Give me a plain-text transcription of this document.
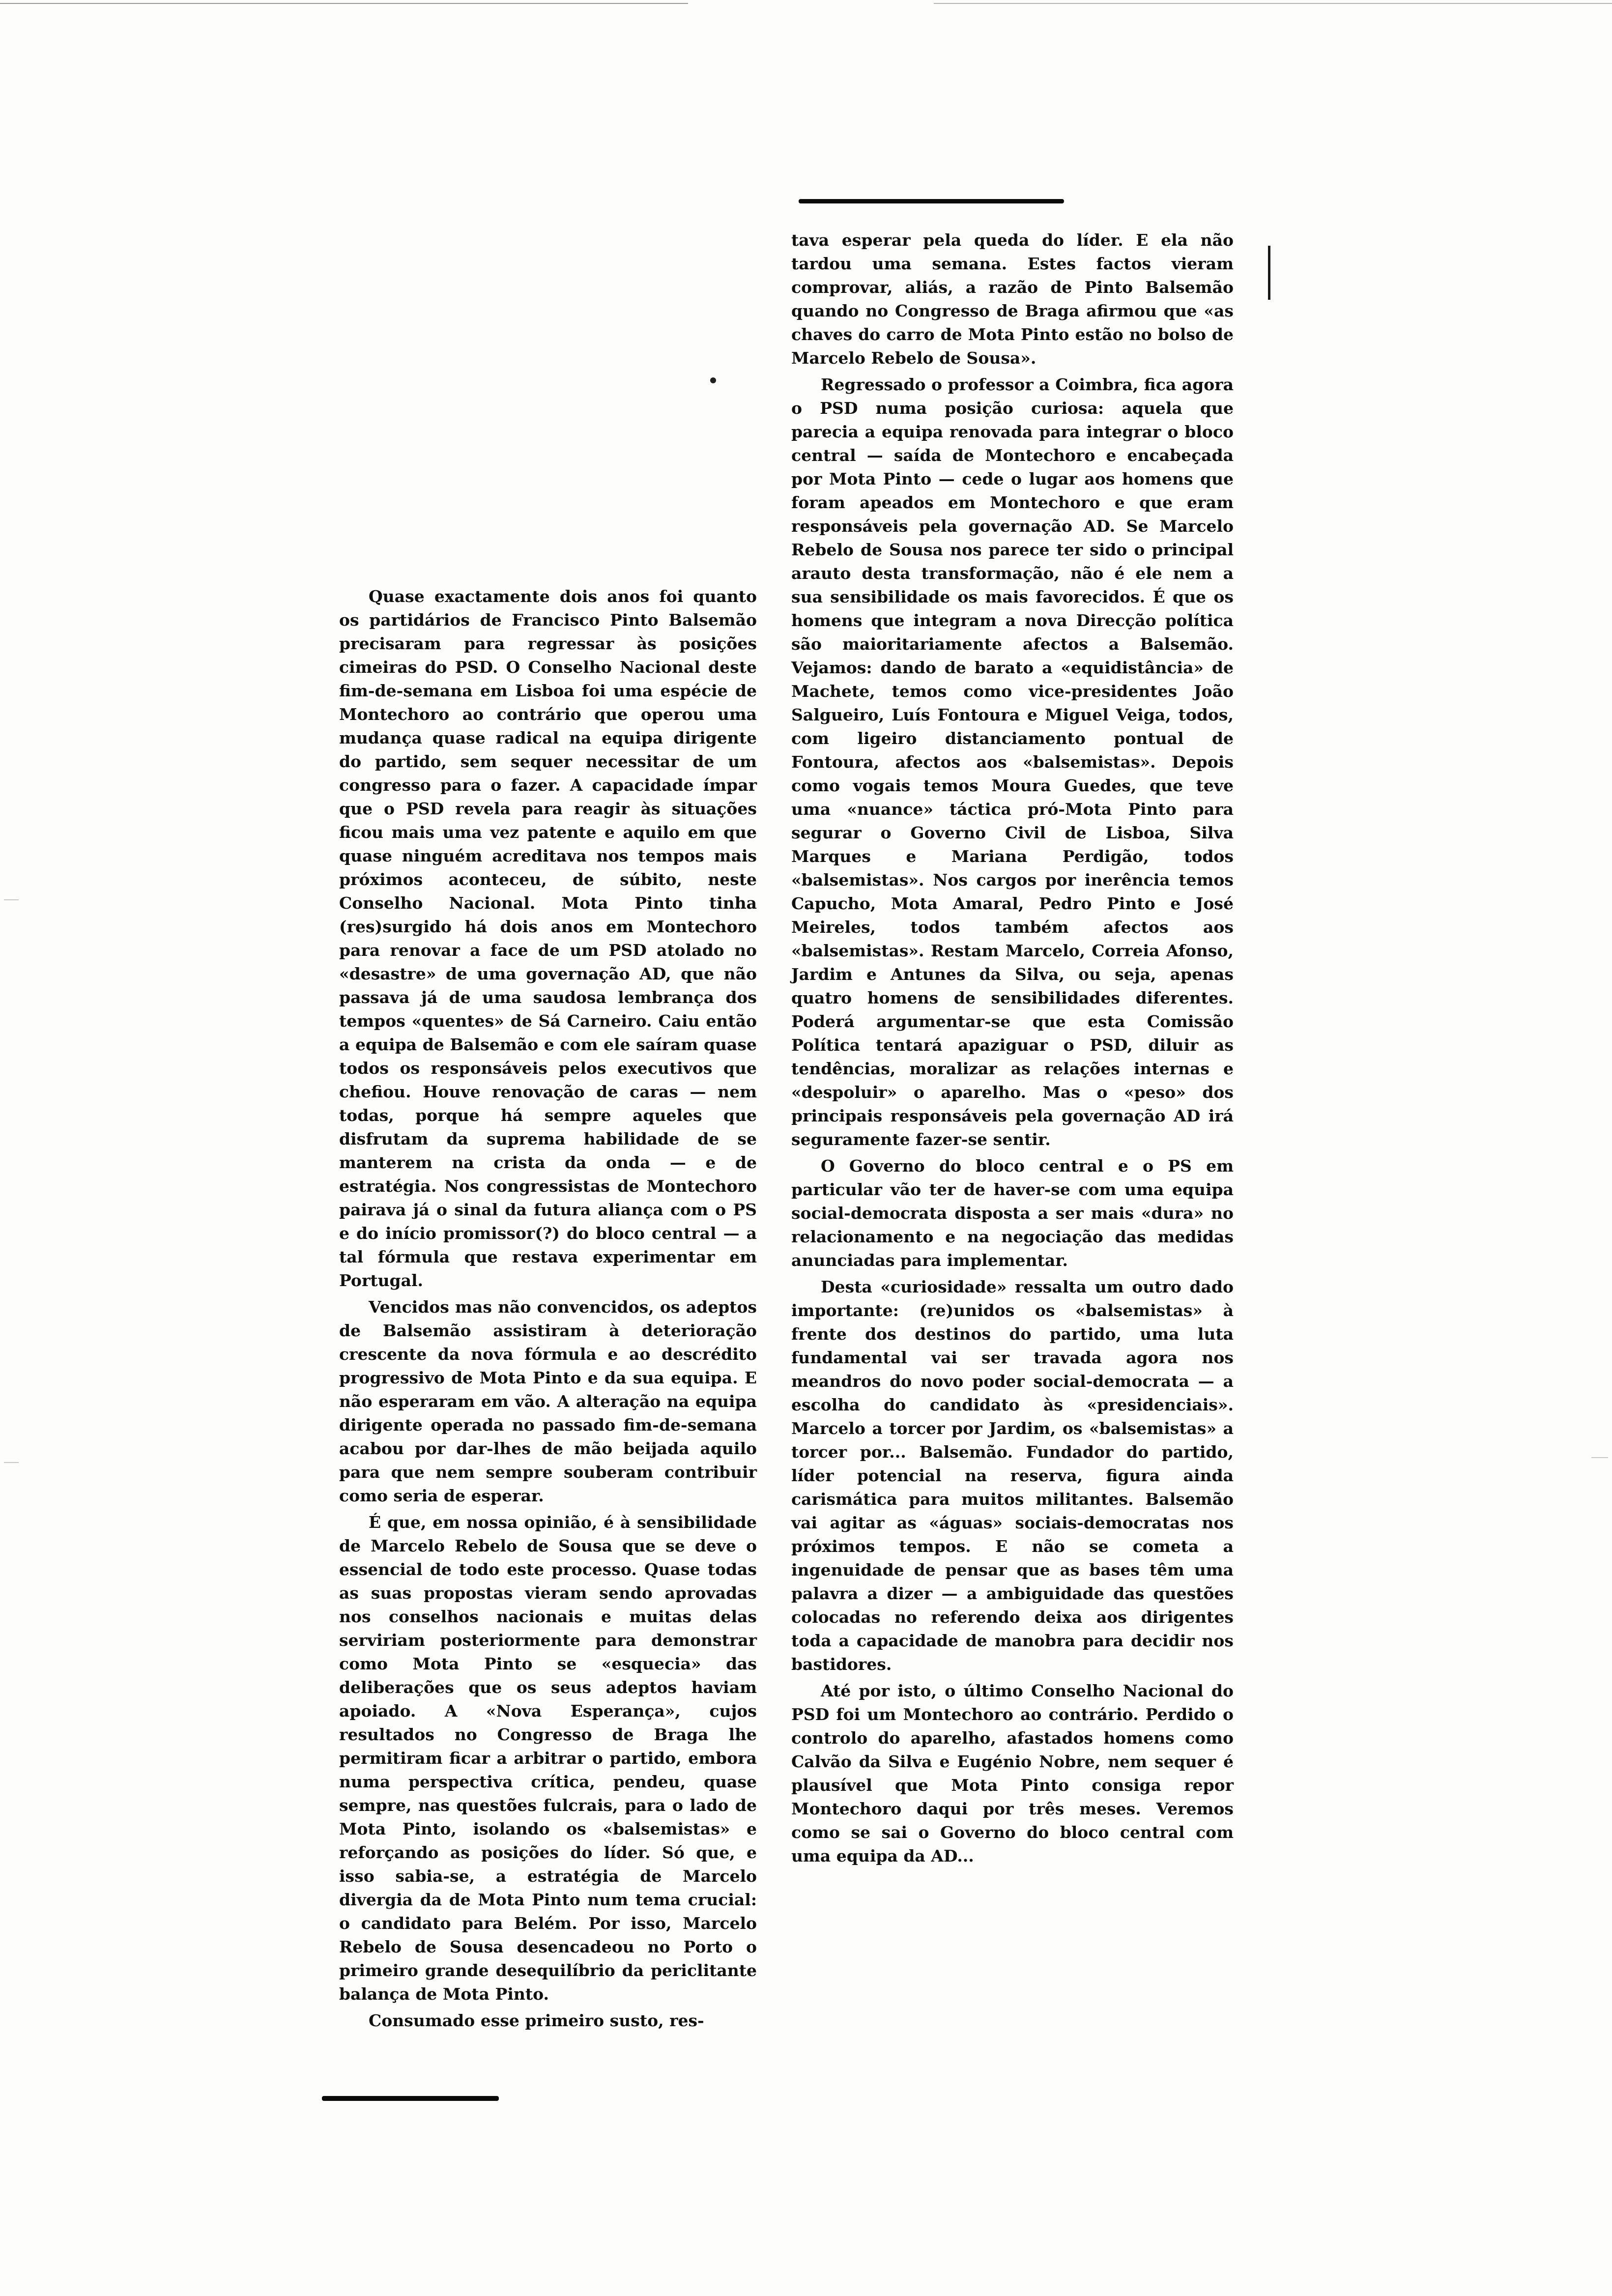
Quase exactamente dois anos foi quanto os partidários de Francisco Pinto Balsemão precisaram para regressar às posições cimeiras do PSD. O Conselho Nacional deste fim-de-semana em Lisboa foi uma espécie de Montechoro ao contrário que operou uma mudança quase radical na equipa dirigente do partido, sem sequer necessitar de um congresso para o fazer. A capacidade ímpar que o PSD revela para reagir às situações ficou mais uma vez patente e aquilo em que quase ninguém acreditava nos tempos mais próximos aconteceu, de súbito, neste Conselho Nacional. Mota Pinto tinha (res)surgido há dois anos em Montechoro para renovar a face de um PSD atolado no «desastre» de uma governação AD, que não passava já de uma saudosa lembrança dos tempos «quentes» de Sá Carneiro. Caiu então a equipa de Balsemão e com ele saíram quase todos os responsáveis pelos executivos que chefiou. Houve renovação de caras — nem todas, porque há sempre aqueles que disfrutam da suprema habilidade de se manterem na crista da onda — e de estratégia. Nos congressistas de Montechoro pairava já o sinal da futura aliança com o PS e do início promissor(?) do bloco central — a tal fórmula que restava experimentar em Portugal.

Vencidos mas não convencidos, os adeptos de Balsemão assistiram à deterioração crescente da nova fórmula e ao descrédito progressivo de Mota Pinto e da sua equipa. E não esperaram em vão. A alteração na equipa dirigente operada no passado fim-de-semana acabou por dar-lhes de mão beijada aquilo para que nem sempre souberam contribuir como seria de esperar.

É que, em nossa opinião, é à sensibilidade de Marcelo Rebelo de Sousa que se deve o essencial de todo este processo. Quase todas as suas propostas vieram sendo aprovadas nos conselhos nacionais e muitas delas serviriam posteriormente para demonstrar como Mota Pinto se «esquecia» das deliberações que os seus adeptos haviam apoiado. A «Nova Esperança», cujos resultados no Congresso de Braga lhe permitiram ficar a arbitrar o partido, embora numa perspectiva crítica, pendeu, quase sempre, nas questões fulcrais, para o lado de Mota Pinto, isolando os «balsemistas» e reforçando as posições do líder. Só que, e isso sabia-se, a estratégia de Marcelo divergia da de Mota Pinto num tema crucial: o candidato para Belém. Por isso, Marcelo Rebelo de Sousa desencadeou no Porto o primeiro grande desequilíbrio da periclitante balança de Mota Pinto.

Consumado esse primeiro susto, res-

tava esperar pela queda do líder. E ela não tardou uma semana. Estes factos vieram comprovar, aliás, a razão de Pinto Balsemão quando no Congresso de Braga afirmou que «as chaves do carro de Mota Pinto estão no bolso de Marcelo Rebelo de Sousa».

Regressado o professor a Coimbra, fica agora o PSD numa posição curiosa: aquela que parecia a equipa renovada para integrar o bloco central — saída de Montechoro e encabeçada por Mota Pinto — cede o lugar aos homens que foram apeados em Montechoro e que eram responsáveis pela governação AD. Se Marcelo Rebelo de Sousa nos parece ter sido o principal arauto desta transformação, não é ele nem a sua sensibilidade os mais favorecidos. É que os homens que integram a nova Direcção política são maioritariamente afectos a Balsemão. Vejamos: dando de barato a «equidistância» de Machete, temos como vice-presidentes João Salgueiro, Luís Fontoura e Miguel Veiga, todos, com ligeiro distanciamento pontual de Fontoura, afectos aos «balsemistas». Depois como vogais temos Moura Guedes, que teve uma «nuance» táctica pró-Mota Pinto para segurar o Governo Civil de Lisboa, Silva Marques e Mariana Perdigão, todos «balsemistas». Nos cargos por inerência temos Capucho, Mota Amaral, Pedro Pinto e José Meireles, todos também afectos aos «balsemistas». Restam Marcelo, Correia Afonso, Jardim e Antunes da Silva, ou seja, apenas quatro homens de sensibilidades diferentes. Poderá argumentar-se que esta Comissão Política tentará apaziguar o PSD, diluir as tendências, moralizar as relações internas e «despoluir» o aparelho. Mas o «peso» dos principais responsáveis pela governação AD irá seguramente fazer-se sentir.

O Governo do bloco central e o PS em particular vão ter de haver-se com uma equipa social-democrata disposta a ser mais «dura» no relacionamento e na negociação das medidas anunciadas para implementar.

Desta «curiosidade» ressalta um outro dado importante: (re)unidos os «balsemistas» à frente dos destinos do partido, uma luta fundamental vai ser travada agora nos meandros do novo poder social-democrata — a escolha do candidato às «presidenciais». Marcelo a torcer por Jardim, os «balsemistas» a torcer por... Balsemão. Fundador do partido, líder potencial na reserva, figura ainda carismática para muitos militantes. Balsemão vai agitar as «águas» sociais-democratas nos próximos tempos. E não se cometa a ingenuidade de pensar que as bases têm uma palavra a dizer — a ambiguidade das questões colocadas no referendo deixa aos dirigentes toda a capacidade de manobra para decidir nos bastidores.

Até por isto, o último Conselho Nacional do PSD foi um Montechoro ao contrário. Perdido o controlo do aparelho, afastados homens como Calvão da Silva e Eugénio Nobre, nem sequer é plausível que Mota Pinto consiga repor Montechoro daqui por três meses. Veremos como se sai o Governo do bloco central com uma equipa da AD...
